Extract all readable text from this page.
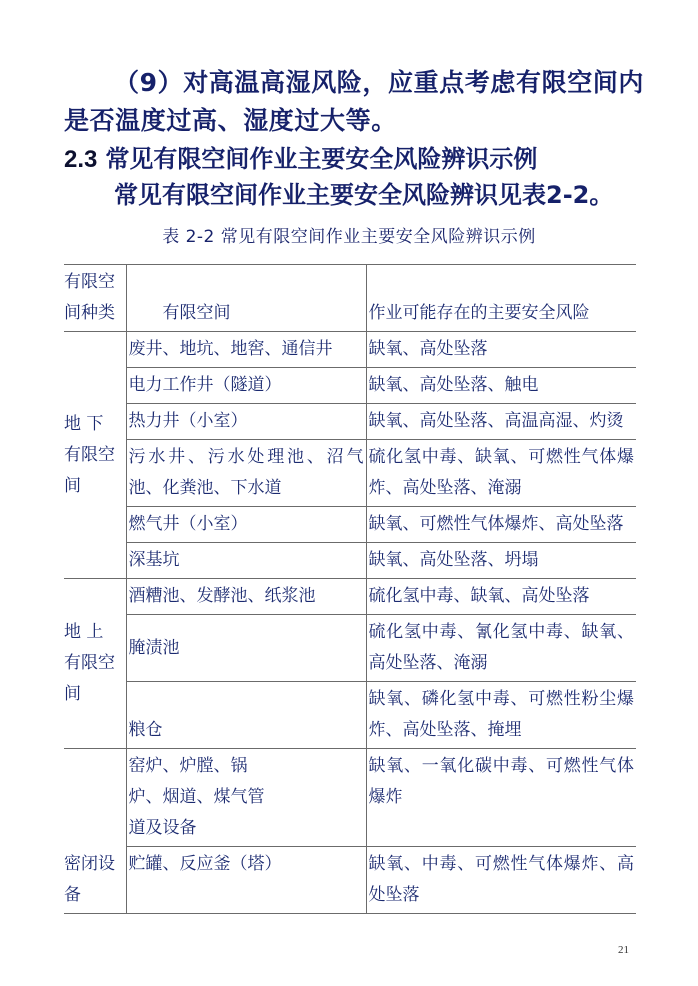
（9）对高温高湿风险，应重点考虑有限空间内是否温度过高、湿度过大等。

2.3 常见有限空间作业主要安全风险辨识示例

常见有限空间作业主要安全风险辨识见表2-2。

表 2-2 常见有限空间作业主要安全风险辨识示例
有限空间种类	有限空间	作业可能存在的主要安全风险
地 下 有限空间	废井、地坑、地窖、通信井	缺氧、高处坠落
	电力工作井（隧道）	缺氧、高处坠落、触电
	热力井（小室）	缺氧、高处坠落、高温高湿、灼烫
	污水井、污水处理池、沼气池、化粪池、下水道	硫化氢中毒、缺氧、可燃性气体爆炸、高处坠落、淹溺
	燃气井（小室）	缺氧、可燃性气体爆炸、高处坠落
	深基坑	缺氧、高处坠落、坍塌
地 上 有限空间	酒糟池、发酵池、纸浆池	硫化氢中毒、缺氧、高处坠落
	腌渍池	硫化氢中毒、氰化氢中毒、缺氧、高处坠落、淹溺
	粮仓	缺氧、磷化氢中毒、可燃性粉尘爆炸、高处坠落、掩埋
密闭设备	窑炉、炉膛、锅炉、烟道、煤气管道及设备	缺氧、一氧化碳中毒、可燃性气体爆炸
	贮罐、反应釜（塔）	缺氧、中毒、可燃性气体爆炸、高处坠落
21
